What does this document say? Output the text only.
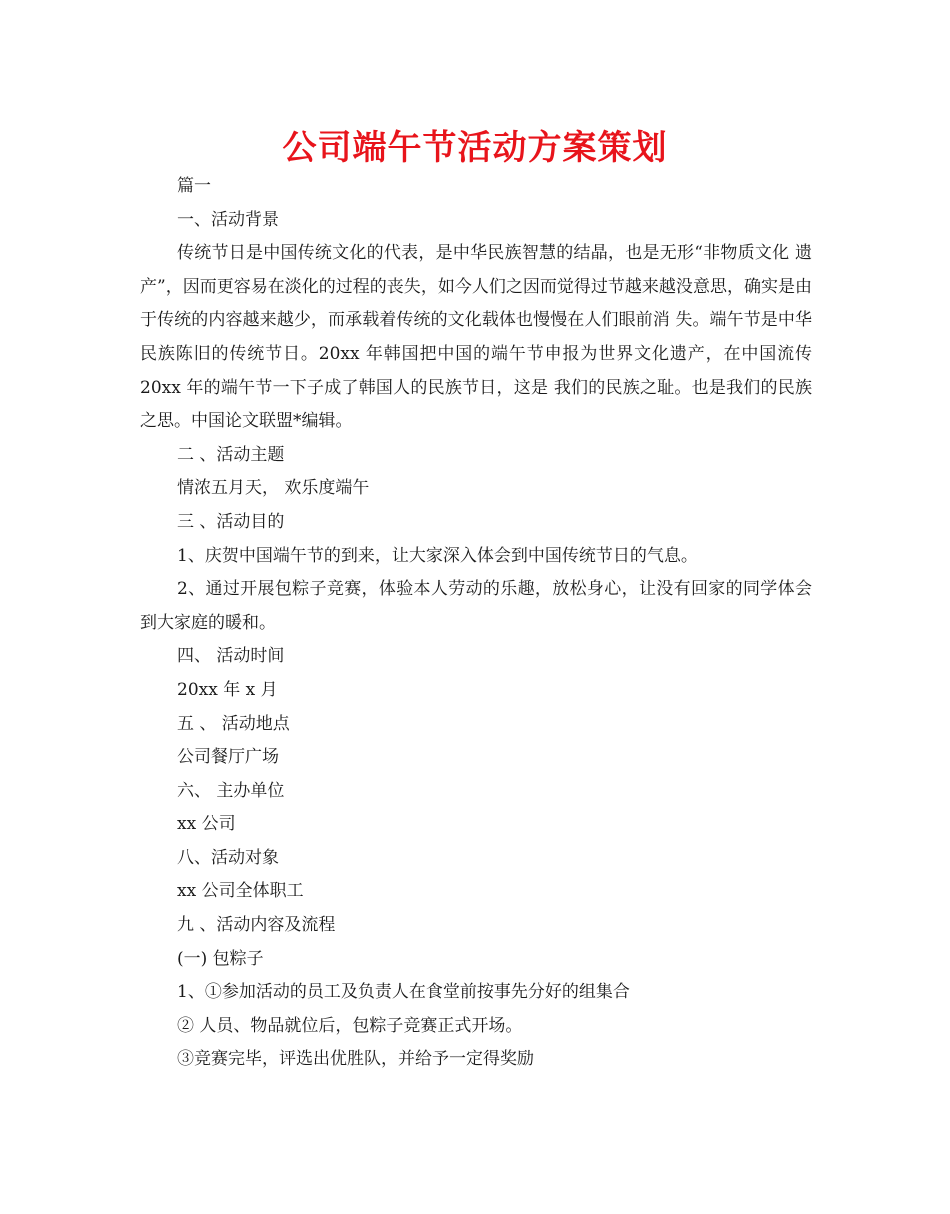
公司端午节活动方案策划

篇一

一、活动背景

传统节日是中国传统文化的代表，是中华民族智慧的结晶，也是无形“非物质文化 遗产”，因而更容易在淡化的过程的丧失，如今人们之因而觉得过节越来越没意思，确实是由于传统的内容越来越少，而承载着传统的文化载体也慢慢在人们眼前消 失。端午节是中华民族陈旧的传统节日。20xx 年韩国把中国的端午节申报为世界文化遗产，在中国流传 20xx 年的端午节一下子成了韩国人的民族节日，这是 我们的民族之耻。也是我们的民族之思。中国论文联盟*编辑。

二 、活动主题

情浓五月天， 欢乐度端午

三 、活动目的

1、庆贺中国端午节的到来，让大家深入体会到中国传统节日的气息。

2、通过开展包粽子竞赛，体验本人劳动的乐趣，放松身心，让没有回家的同学体会到大家庭的暖和。

四、 活动时间

20xx 年 x 月

五 、 活动地点

公司餐厅广场

六、 主办单位

xx 公司

八、活动对象

xx 公司全体职工

九 、活动内容及流程

(一) 包粽子

1、①参加活动的员工及负责人在食堂前按事先分好的组集合

② 人员、物品就位后，包粽子竞赛正式开场。

③竞赛完毕，评选出优胜队，并给予一定得奖励
